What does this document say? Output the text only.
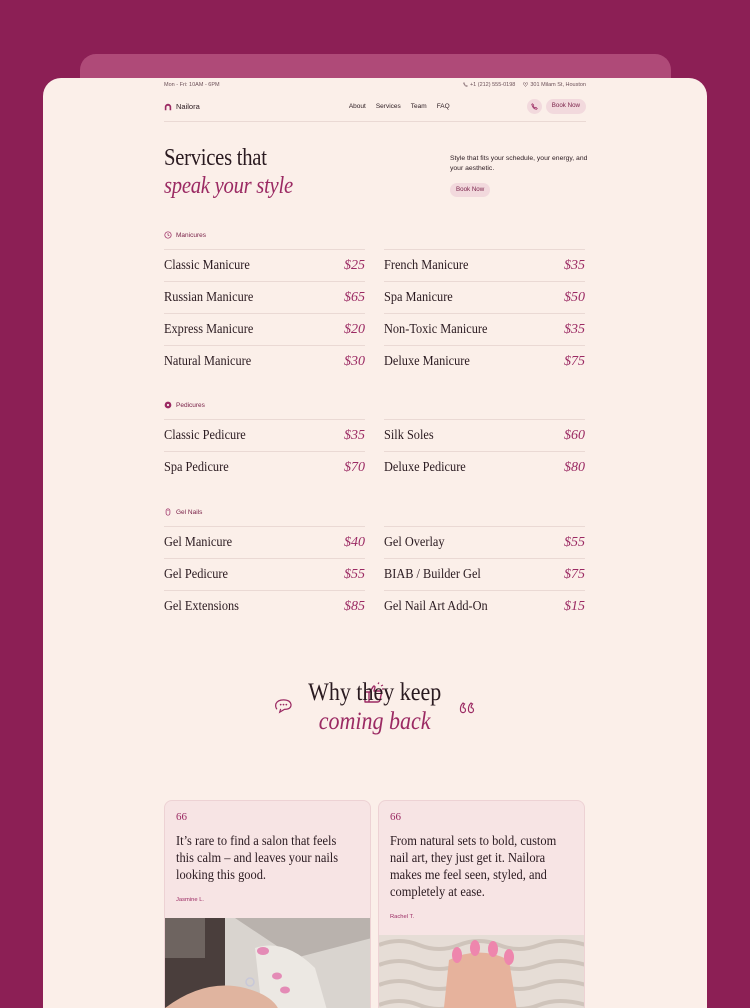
Mon - Fri: 10AM - 6PM	+1 (212) 555-0198	301 Milam St, Houston
Nailora	About Services Team FAQ	Book Now
Services that
speak your style
Style that fits your schedule, your energy, and your aesthetic.
Book Now
Manicures
Classic Manicure	$25
Russian Manicure	$65
Express Manicure	$20
Natural Manicure	$30
French Manicure	$35
Spa Manicure	$50
Non-Toxic Manicure	$35
Deluxe Manicure	$75
Pedicures
Classic Pedicure	$35
Spa Pedicure	$70
Silk Soles	$60
Deluxe Pedicure	$80
Gel Nails
Gel Manicure	$40
Gel Pedicure	$55
Gel Extensions	$85
Gel Overlay	$55
BIAB / Builder Gel	$75
Gel Nail Art Add-On	$15
Why they keep
coming back
66
It’s rare to find a salon that feels this calm – and leaves your nails looking this good.
Jasmine L.
66
From natural sets to bold, custom nail art, they just get it. Nailora makes me feel seen, styled, and completely at ease.
Rachel T.
